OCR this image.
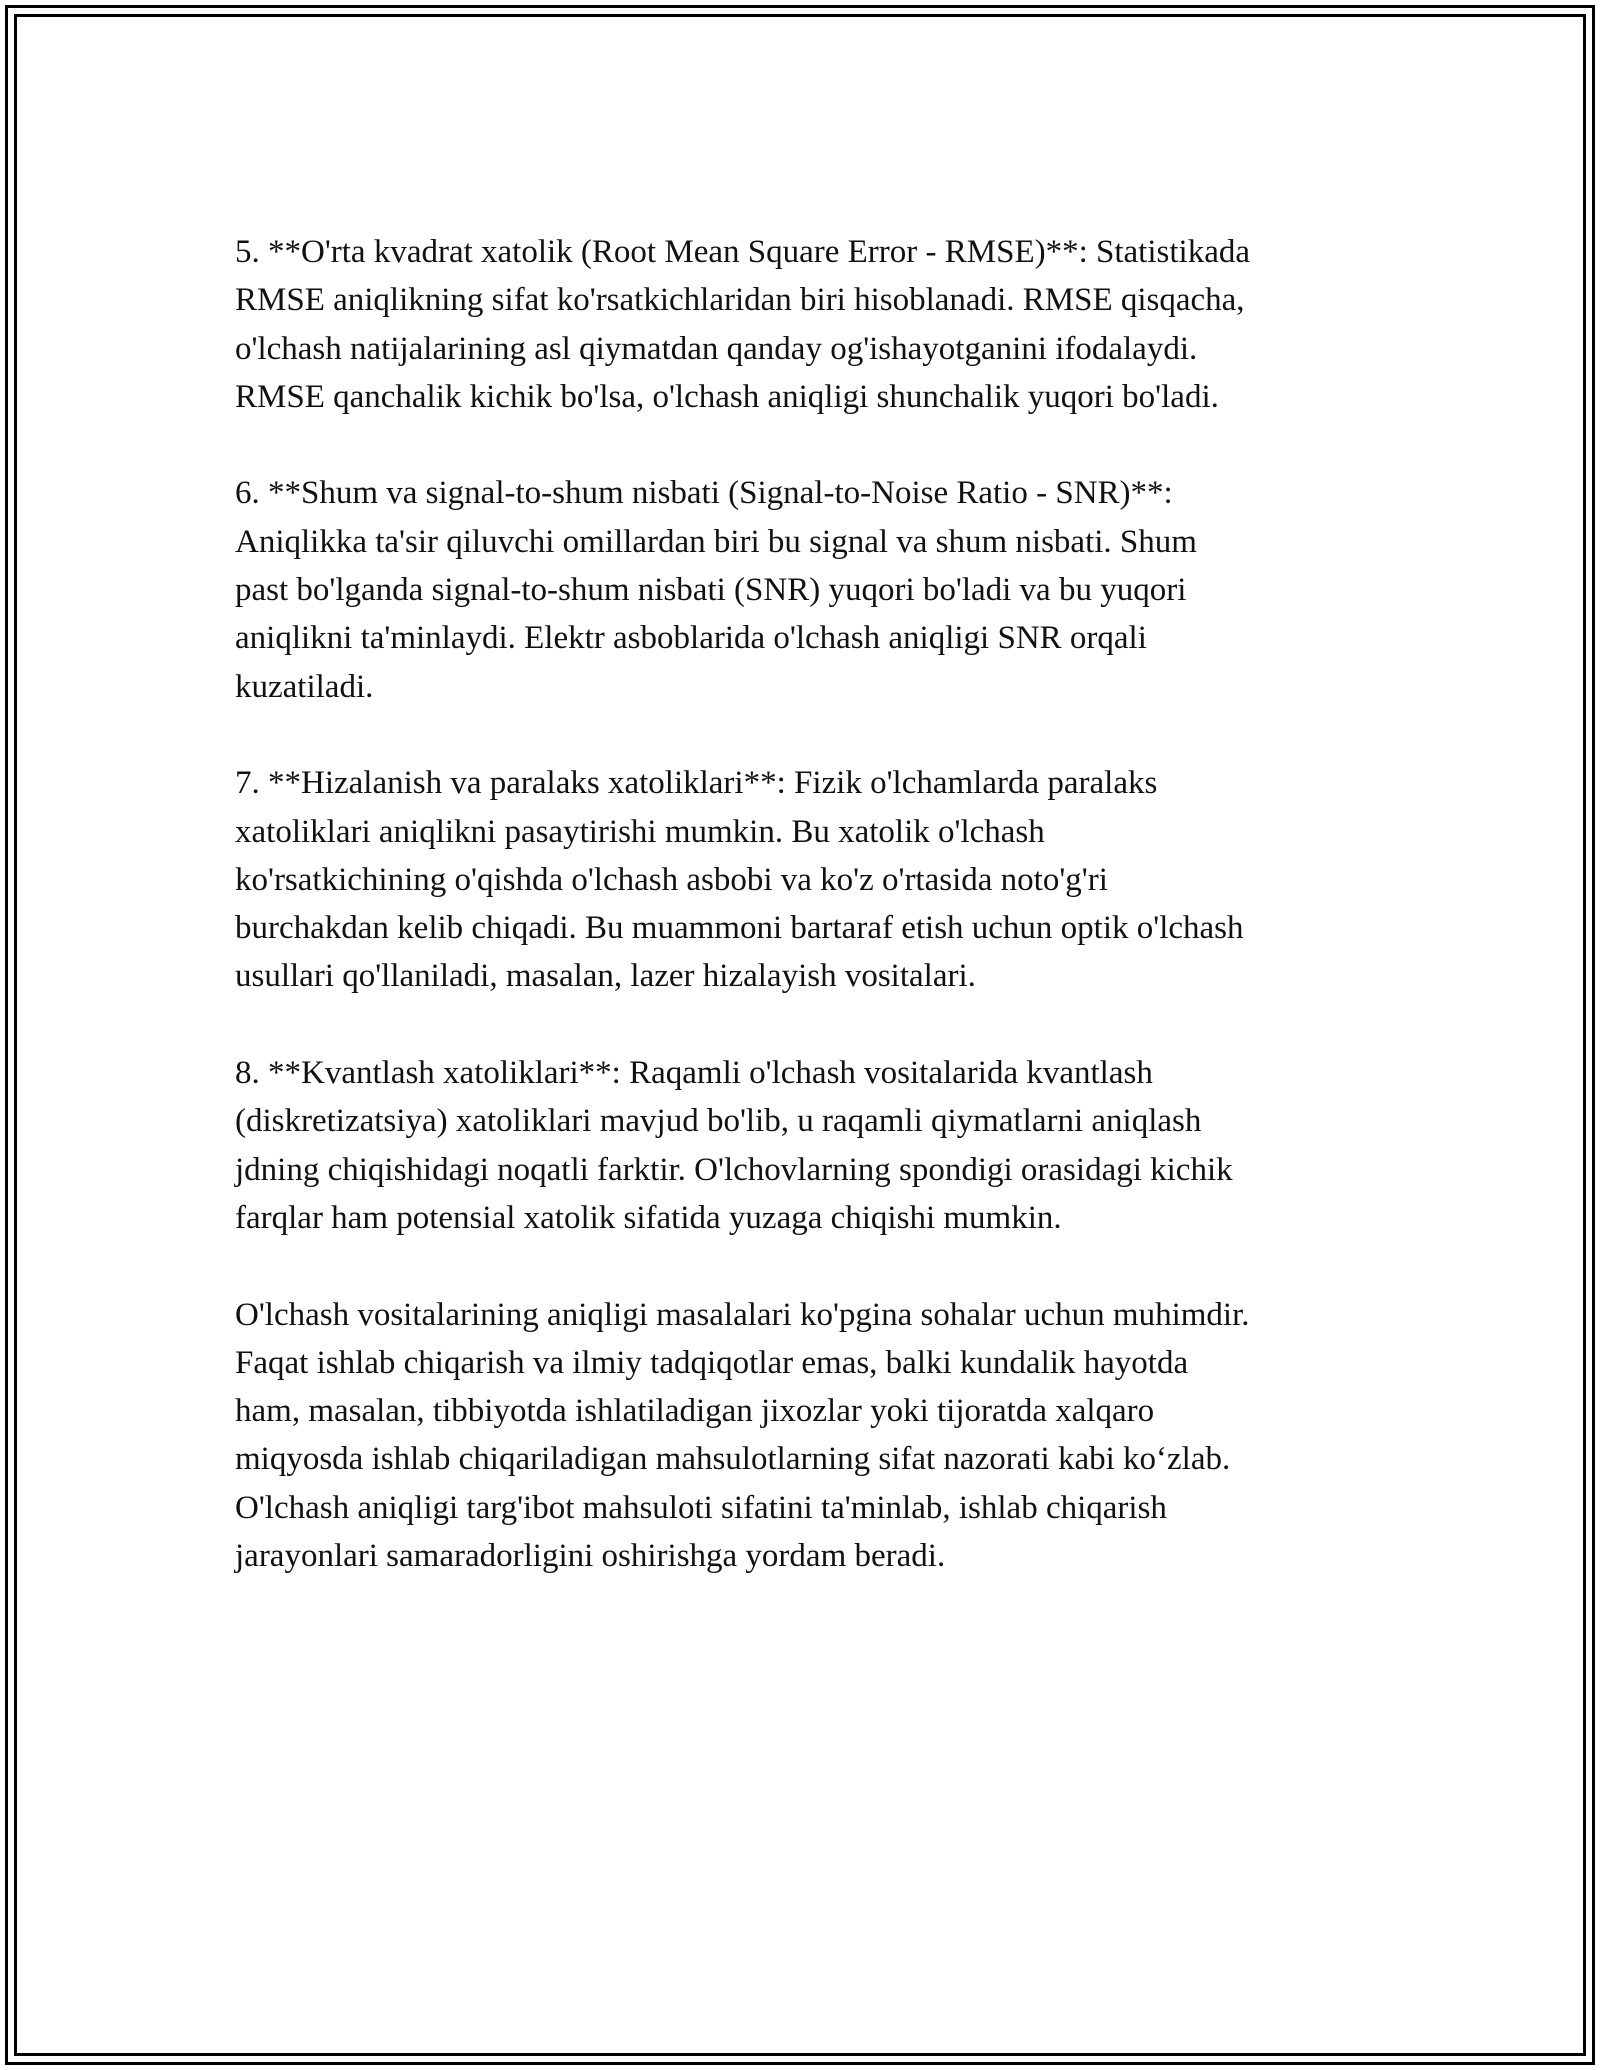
5. **O'rta kvadrat xatolik (Root Mean Square Error - RMSE)**: Statistikada
RMSE aniqlikning sifat ko'rsatkichlaridan biri hisoblanadi. RMSE qisqacha,
o'lchash natijalarining asl qiymatdan qanday og'ishayotganini ifodalaydi.
RMSE qanchalik kichik bo'lsa, o'lchash aniqligi shunchalik yuqori bo'ladi.

6. **Shum va signal-to-shum nisbati (Signal-to-Noise Ratio - SNR)**:
Aniqlikka ta'sir qiluvchi omillardan biri bu signal va shum nisbati. Shum
past bo'lganda signal-to-shum nisbati (SNR) yuqori bo'ladi va bu yuqori
aniqlikni ta'minlaydi. Elektr asboblarida o'lchash aniqligi SNR orqali
kuzatiladi.

7. **Hizalanish va paralaks xatoliklari**: Fizik o'lchamlarda paralaks
xatoliklari aniqlikni pasaytirishi mumkin. Bu xatolik o'lchash
ko'rsatkichining o'qishda o'lchash asbobi va ko'z o'rtasida noto'g'ri
burchakdan kelib chiqadi. Bu muammoni bartaraf etish uchun optik o'lchash
usullari qo'llaniladi, masalan, lazer hizalayish vositalari.

8. **Kvantlash xatoliklari**: Raqamli o'lchash vositalarida kvantlash
(diskretizatsiya) xatoliklari mavjud bo'lib, u raqamli qiymatlarni aniqlash
jdning chiqishidagi noqatli farktir. O'lchovlarning spondigi orasidagi kichik
farqlar ham potensial xatolik sifatida yuzaga chiqishi mumkin.

O'lchash vositalarining aniqligi masalalari ko'pgina sohalar uchun muhimdir.
Faqat ishlab chiqarish va ilmiy tadqiqotlar emas, balki kundalik hayotda
ham, masalan, tibbiyotda ishlatiladigan jixozlar yoki tijoratda xalqaro
miqyosda ishlab chiqariladigan mahsulotlarning sifat nazorati kabi ko‘zlab.
O'lchash aniqligi targ'ibot mahsuloti sifatini ta'minlab, ishlab chiqarish
jarayonlari samaradorligini oshirishga yordam beradi.
